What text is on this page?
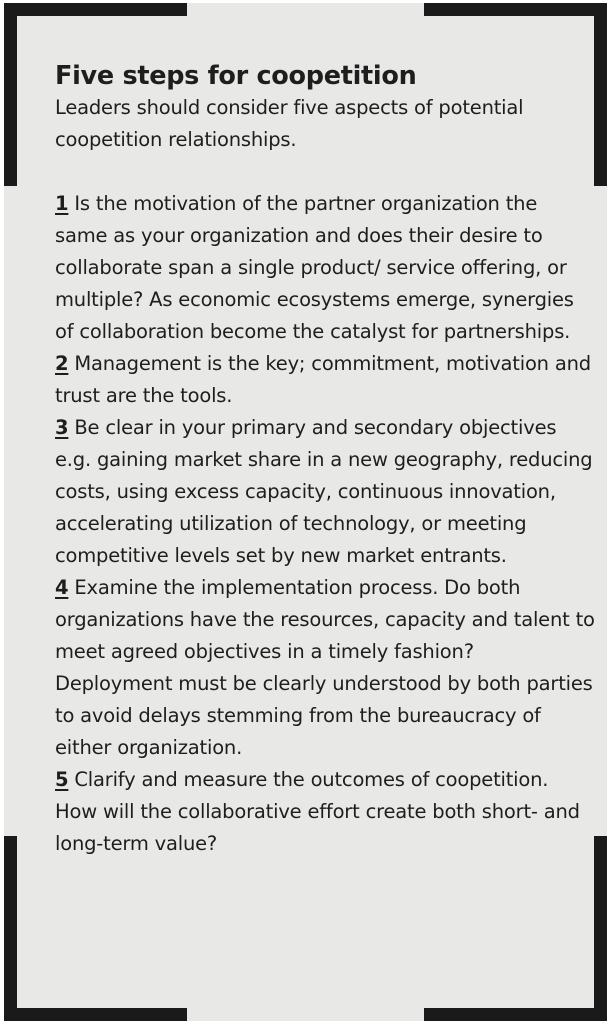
Five steps for coopetition

Leaders should consider five aspects of potential coopetition relationships.

1 Is the motivation of the partner organization the same as your organization and does their desire to collaborate span a single product/ service offering, or multiple? As economic ecosystems emerge, synergies of collaboration become the catalyst for partnerships.

2 Management is the key; commitment, motivation and trust are the tools.

3 Be clear in your primary and secondary objectives e.g. gaining market share in a new geography, reducing costs, using excess capacity, continuous innovation, accelerating utilization of technology, or meeting competitive levels set by new market entrants.

4 Examine the implementation process. Do both organizations have the resources, capacity and talent to meet agreed objectives in a timely fashion? Deployment must be clearly understood by both parties to avoid delays stemming from the bureaucracy of either organization.

5 Clarify and measure the outcomes of coopetition. How will the collaborative effort create both short- and long-term value?
